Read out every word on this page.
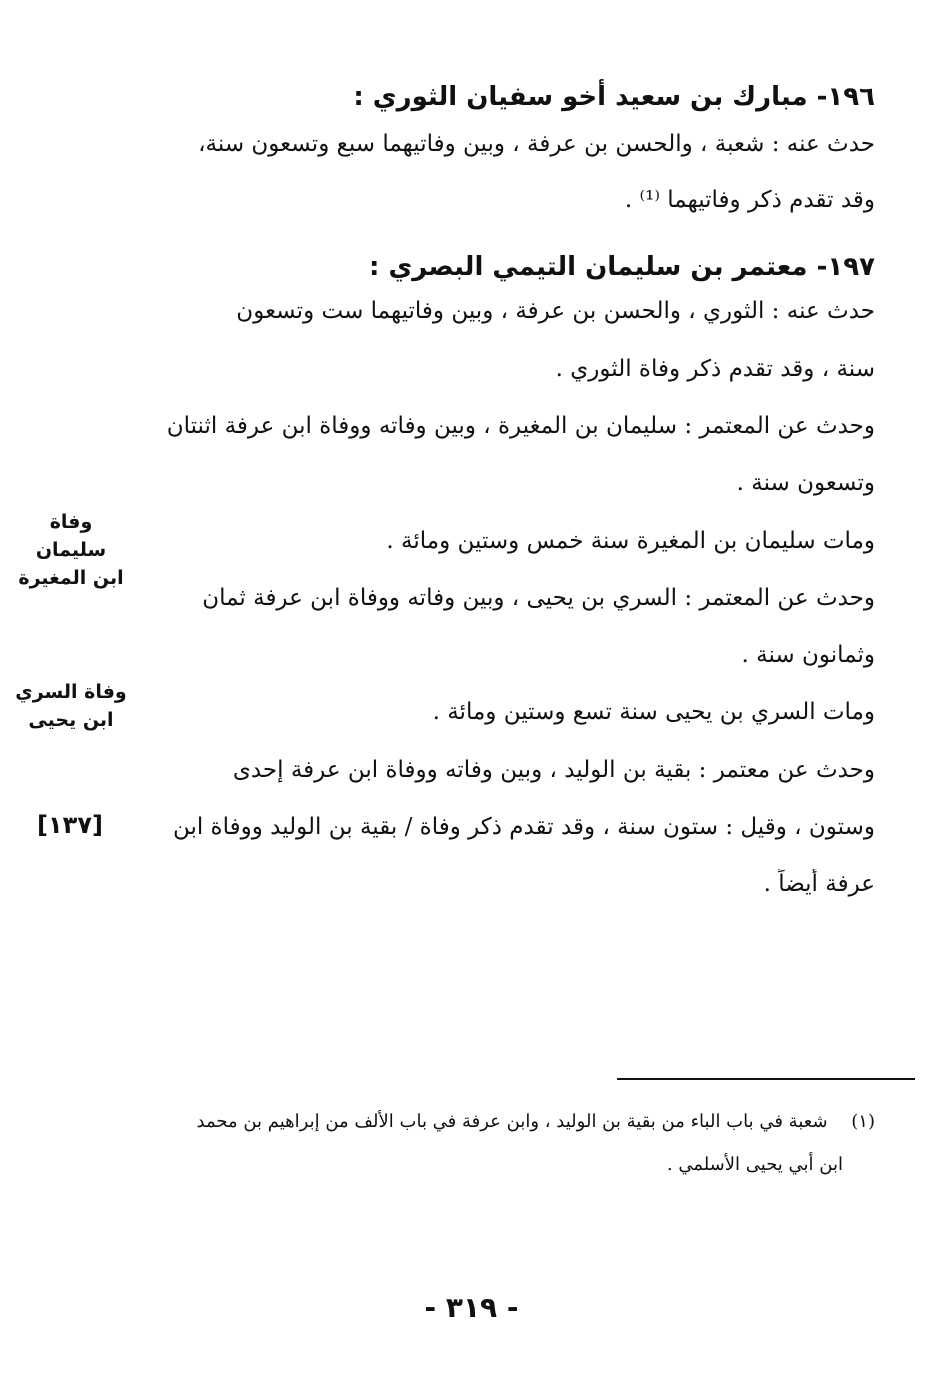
١٩٦- مبارك بن سعيد أخو سفيان الثوري :
حدث عنه : شعبة ، والحسن بن عرفة ، وبين وفاتيهما سبع وتسعون سنة،
وقد تقدم ذكر وفاتيهما ⁽¹⁾ .
١٩٧- معتمر بن سليمان التيمي البصري :
حدث عنه : الثوري ، والحسن بن عرفة ، وبين وفاتيهما ست وتسعون
سنة ، وقد تقدم ذكر وفاة الثوري .
وحدث عن المعتمر : سليمان بن المغيرة ، وبين وفاته ووفاة ابن عرفة اثنتان
وتسعون سنة .
ومات سليمان بن المغيرة سنة خمس وستين ومائة .
وحدث عن المعتمر : السري بن يحيى ، وبين وفاته ووفاة ابن عرفة ثمان
وثمانون سنة .
ومات السري بن يحيى سنة تسع وستين ومائة .
وحدث عن معتمر : بقية بن الوليد ، وبين وفاته ووفاة ابن عرفة إحدى
وستون ، وقيل : ستون سنة ، وقد تقدم ذكر وفاة / بقية بن الوليد ووفاة ابن
عرفة أيضاً .
وفاة سليمان
ابن المغيرة
وفاة السري
ابن يحيى
[١٣٧]
(١) شعبة في باب الباء من بقية بن الوليد ، وابن عرفة في باب الألف من إبراهيم بن محمد
ابن أبي يحيى الأسلمي .
- ٣١٩ -
